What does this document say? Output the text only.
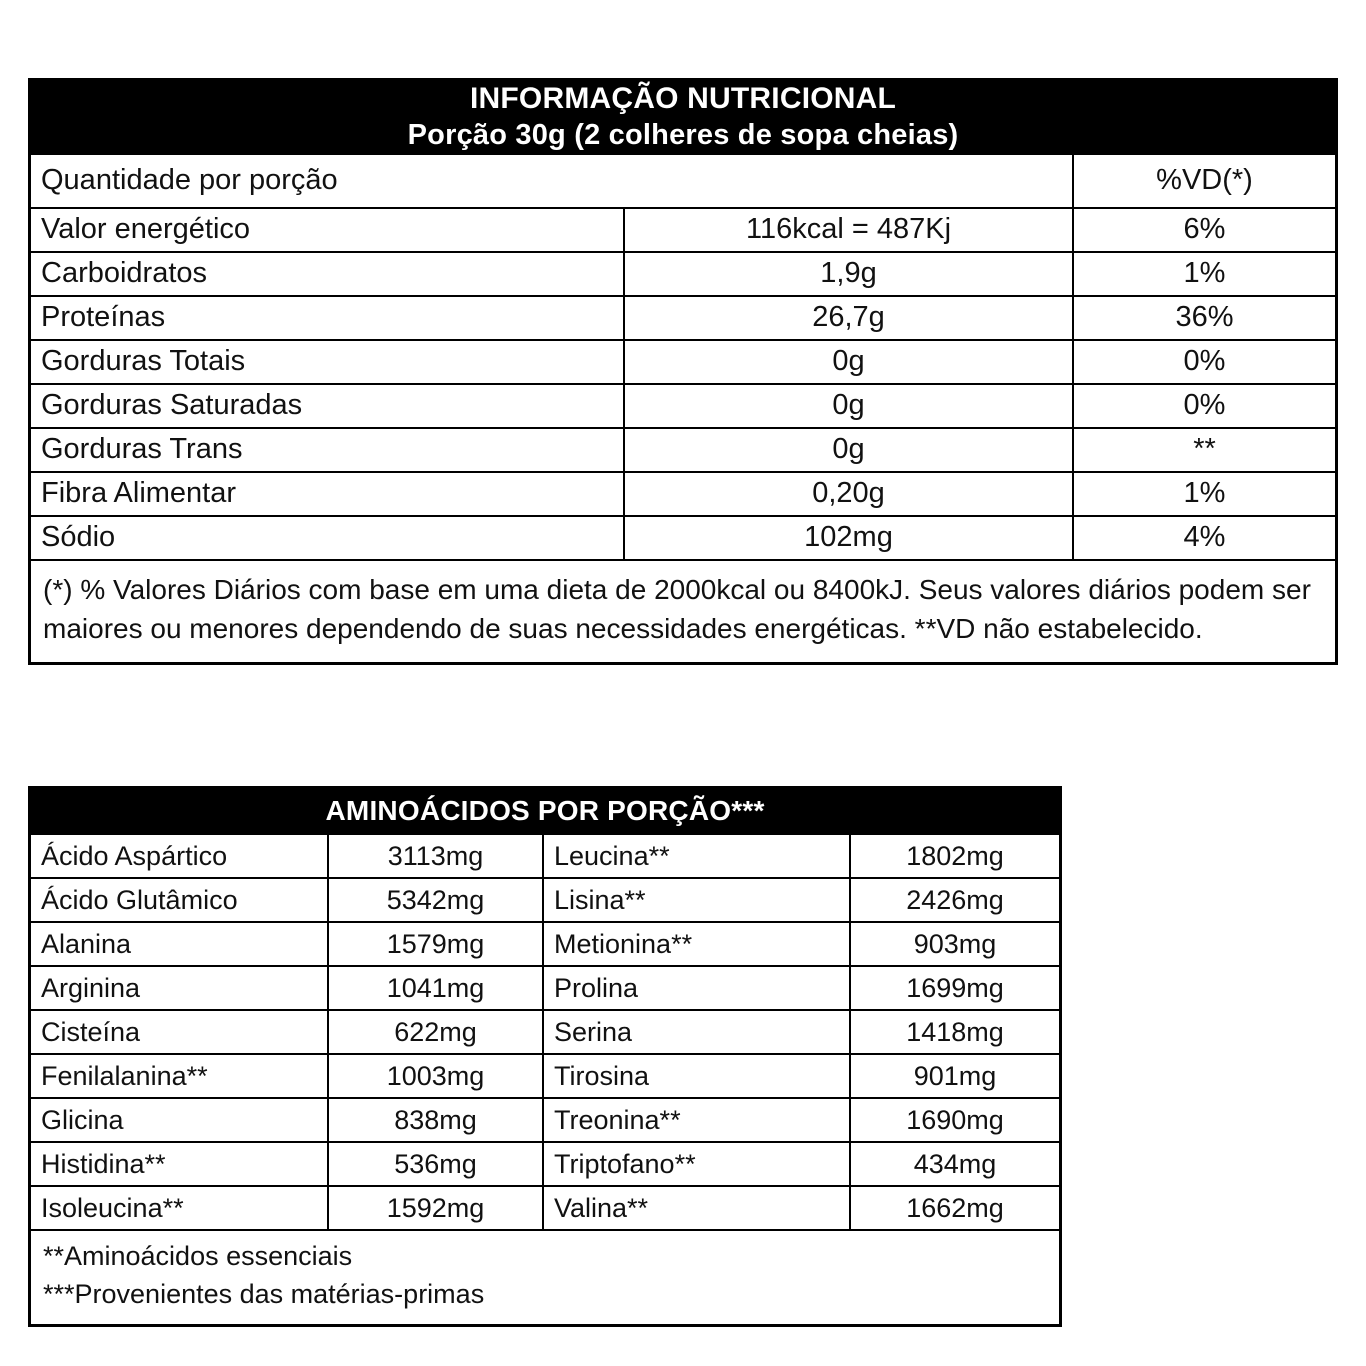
INFORMAÇÃO NUTRICIONAL
Porção 30g (2 colheres de sopa cheias)		

Quantidade por porção		%VD(*)
Valor energético	116kcal = 487Kj	6%
Carboidratos	1,9g	1%
Proteínas	26,7g	36%
Gorduras Totais	0g	0%
Gorduras Saturadas	0g	0%
Gorduras Trans	0g	**
Fibra Alimentar	0,20g	1%
Sódio	102mg	4%
(*) % Valores Diários com base em uma dieta de 2000kcal ou 8400kJ. Seus valores diários podem ser maiores ou menores dependendo de suas necessidades energéticas. **VD não estabelecido.		
AMINOÁCIDOS POR PORÇÃO***			

Ácido Aspártico	3113mg	Leucina**	1802mg
Ácido Glutâmico	5342mg	Lisina**	2426mg
Alanina	1579mg	Metionina**	903mg
Arginina	1041mg	Prolina	1699mg
Cisteína	622mg	Serina	1418mg
Fenilalanina**	1003mg	Tirosina	901mg
Glicina	838mg	Treonina**	1690mg
Histidina**	536mg	Triptofano**	434mg
Isoleucina**	1592mg	Valina**	1662mg

**Aminoácidos essenciais
***Provenientes das matérias-primas			
